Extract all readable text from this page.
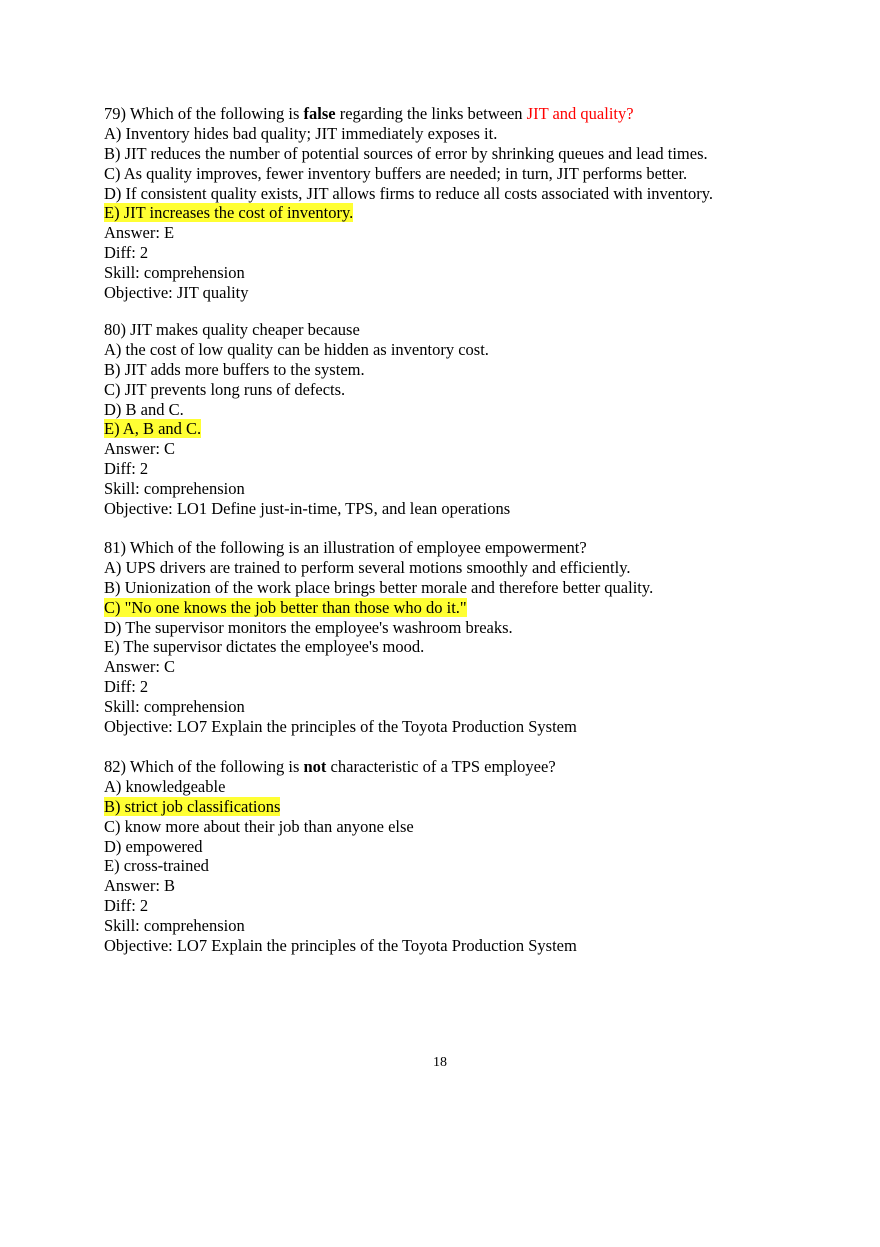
79) Which of the following is false regarding the links between JIT and quality?
A) Inventory hides bad quality; JIT immediately exposes it.
B) JIT reduces the number of potential sources of error by shrinking queues and lead times.
C) As quality improves, fewer inventory buffers are needed; in turn, JIT performs better.
D) If consistent quality exists, JIT allows firms to reduce all costs associated with inventory.
E) JIT increases the cost of inventory.
Answer: E
Diff: 2
Skill: comprehension
Objective: JIT quality
80) JIT makes quality cheaper because
A) the cost of low quality can be hidden as inventory cost.
B) JIT adds more buffers to the system.
C) JIT prevents long runs of defects.
D) B and C.
E) A, B and C.
Answer: C
Diff: 2
Skill: comprehension
Objective: LO1 Define just-in-time, TPS, and lean operations
81) Which of the following is an illustration of employee empowerment?
A) UPS drivers are trained to perform several motions smoothly and efficiently.
B) Unionization of the work place brings better morale and therefore better quality.
C) "No one knows the job better than those who do it."
D) The supervisor monitors the employee's washroom breaks.
E) The supervisor dictates the employee's mood.
Answer: C
Diff: 2
Skill: comprehension
Objective: LO7 Explain the principles of the Toyota Production System
82) Which of the following is not characteristic of a TPS employee?
A) knowledgeable
B) strict job classifications
C) know more about their job than anyone else
D) empowered
E) cross-trained
Answer: B
Diff: 2
Skill: comprehension
Objective: LO7 Explain the principles of the Toyota Production System
18
